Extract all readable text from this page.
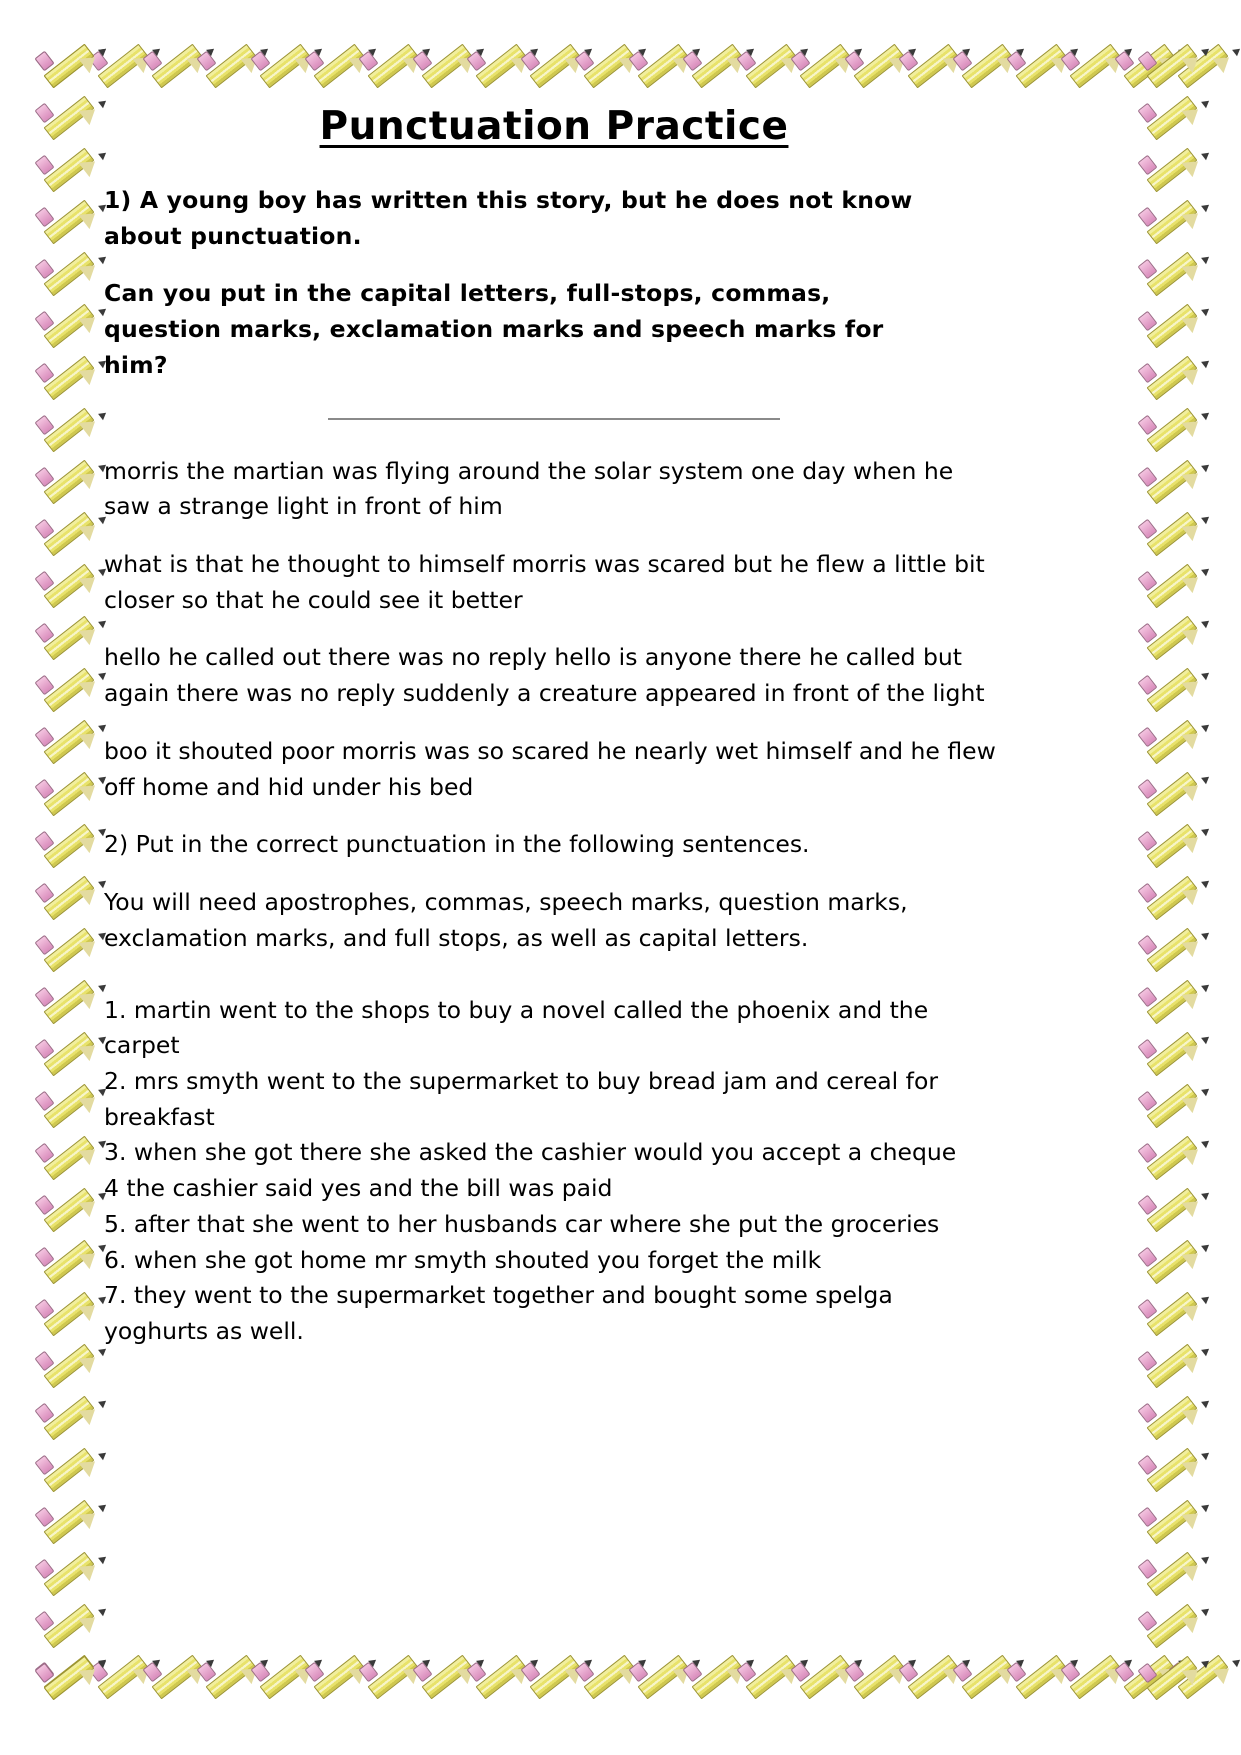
Punctuation Practice

1) A young boy has written this story, but he does not know about punctuation.

Can you put in the capital letters, full-stops, commas, question marks, exclamation marks and speech marks for him?

morris the martian was flying around the solar system one day when he saw a strange light in front of him

what is that he thought to himself morris was scared but he flew a little bit closer so that he could see it better

hello he called out there was no reply hello is anyone there he called but again there was no reply suddenly a creature appeared in front of the light

boo it shouted poor morris was so scared he nearly wet himself and he flew off home and hid under his bed

2) Put in the correct punctuation in the following sentences.

You will need apostrophes, commas, speech marks, question marks, exclamation marks, and full stops, as well as capital letters.

1. martin went to the shops to buy a novel called the phoenix and the carpet
2. mrs smyth went to the supermarket to buy bread jam and cereal for breakfast
3. when she got there she asked the cashier would you accept a cheque
4 the cashier said yes and the bill was paid
5. after that she went to her husbands car where she put the groceries
6. when she got home mr smyth shouted you forget the milk
7. they went to the supermarket together and bought some spelga yoghurts as well.
